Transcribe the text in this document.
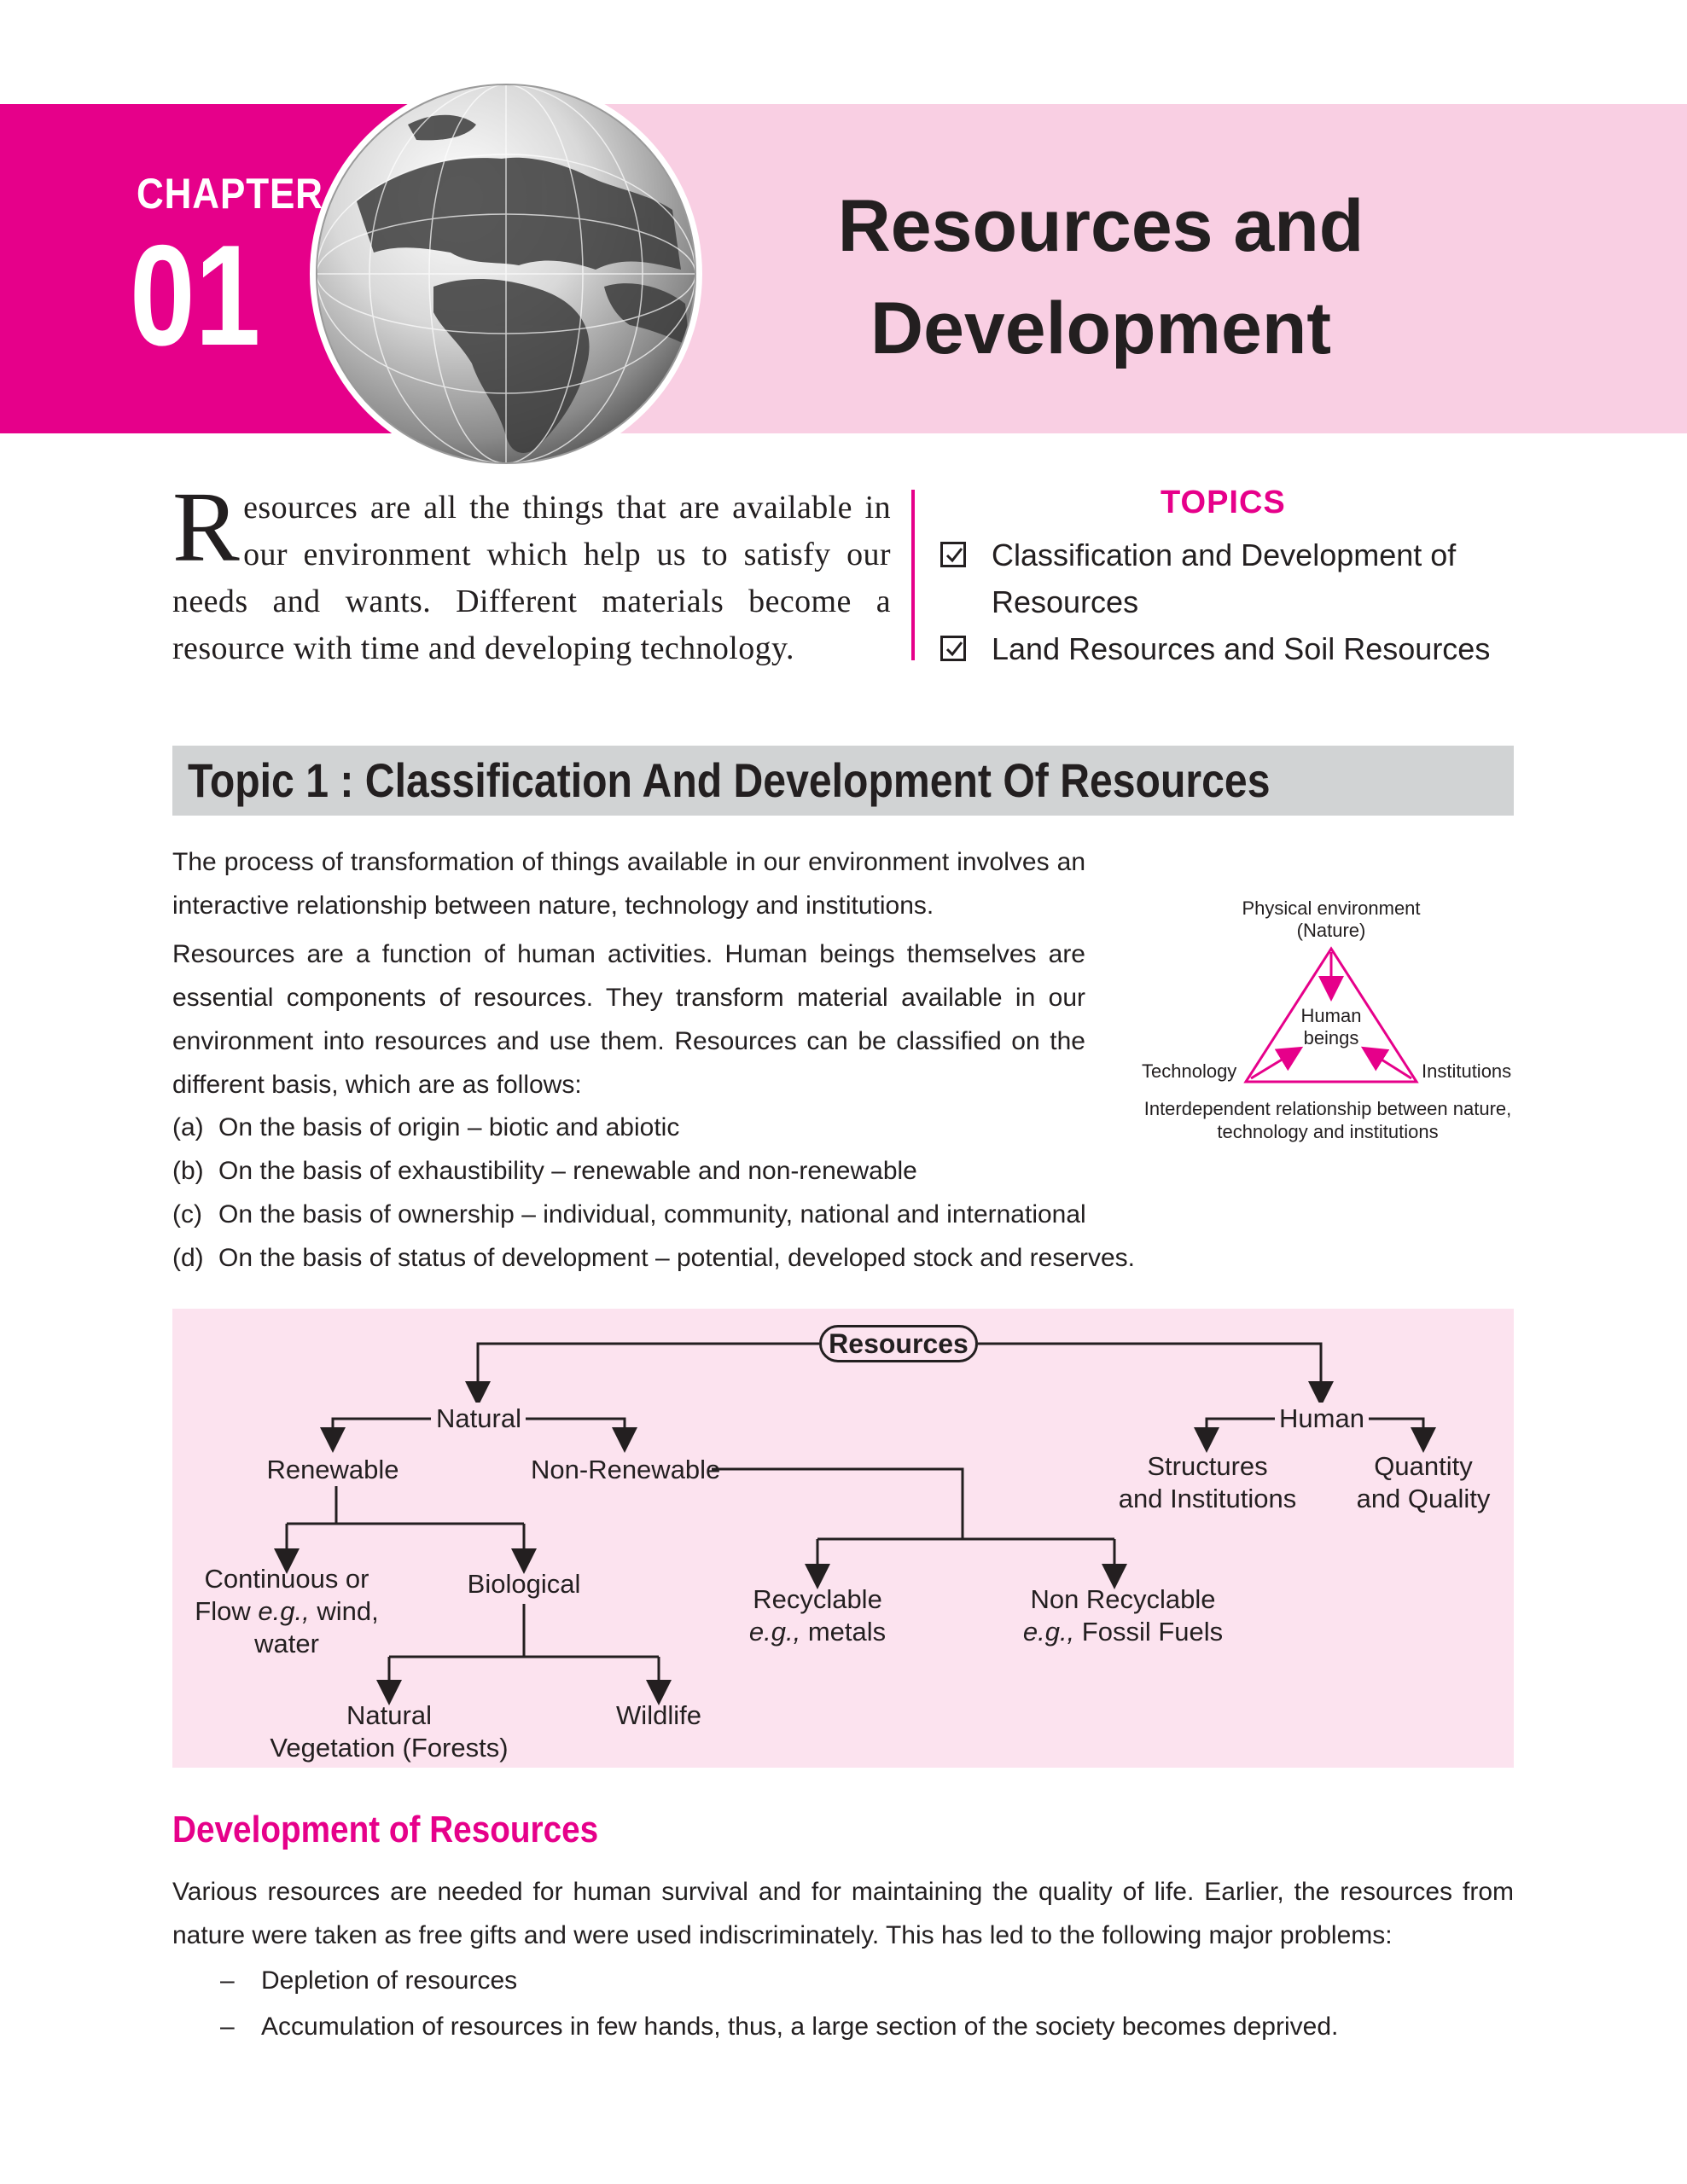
CHAPTER
01	Resources and
Development
Resources are all the things that are available in our environment which help us to satisfy our needs and wants. Different materials become a resource with time and developing technology.
TOPICS
Classification and Development of Resources
Land Resources and Soil Resources
Topic 1 : Classification And Development Of Resources
The process of transformation of things available in our environment involves an interactive relationship between nature, technology and institutions.
Resources are a function of human activities. Human beings themselves are essential components of resources. They transform material available in our environment into resources and use them. Resources can be classified on the different basis, which are as follows:
(a) On the basis of origin – biotic and abiotic
(b) On the basis of exhaustibility – renewable and non-renewable
(c) On the basis of ownership – individual, community, national and international
(d) On the basis of status of development – potential, developed stock and reserves.
Physical environment
(Nature)
Human
beings
Technology	Institutions
Interdependent relationship between nature,
technology and institutions
Resources
Natural	Human
Renewable	Non-Renewable	Structures
and Institutions
Quantity
and Quality
Continuous or
Flow e.g., wind,
water
Biological
Recyclable
e.g., metals
Non Recyclable
e.g., Fossil Fuels
Natural
Vegetation (Forests)
Wildlife
Development of Resources
Various resources are needed for human survival and for maintaining the quality of life. Earlier, the resources from nature were taken as free gifts and were used indiscriminately. This has led to the following major problems:
– Depletion of resources
– Accumulation of resources in few hands, thus, a large section of the society becomes deprived.
